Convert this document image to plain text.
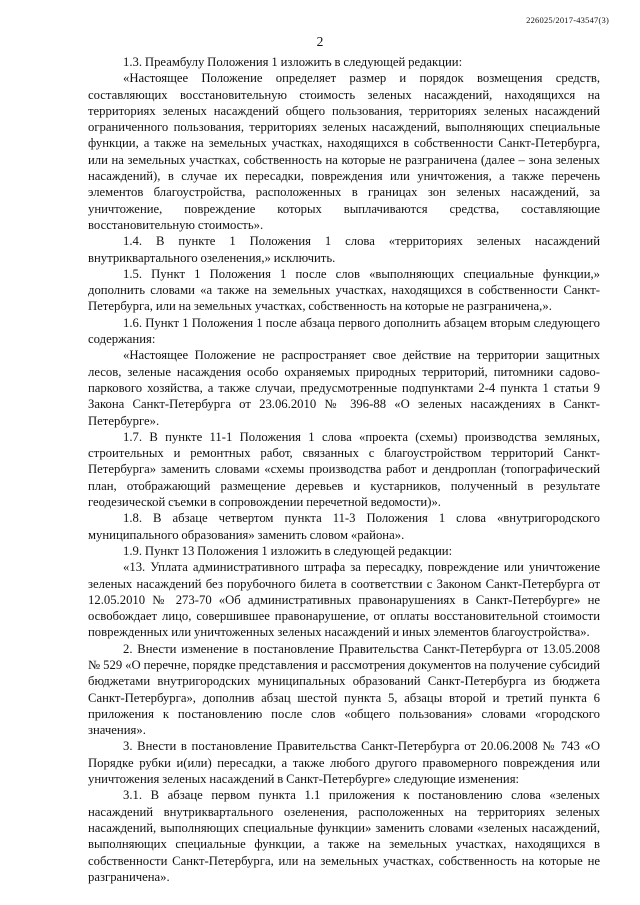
226025/2017-43547(3)
2

1.3. Преамбулу Положения 1 изложить в следующей редакции:

«Настоящее Положение определяет размер и порядок возмещения средств, составляющих восстановительную стоимость зеленых насаждений, находящихся на территориях зеленых насаждений общего пользования, территориях зеленых насаждений ограниченного пользования, территориях зеленых насаждений, выполняющих специальные функции, а также на земельных участках, находящихся в собственности Санкт-Петербурга, или на земельных участках, собственность на которые не разграничена (далее – зона зеленых насаждений), в случае их пересадки, повреждения или уничтожения, а также перечень элементов благоустройства, расположенных в границах зон зеленых насаждений, за уничтожение, повреждение которых выплачиваются средства, составляющие восстановительную стоимость».

1.4. В пункте 1 Положения 1 слова «территориях зеленых насаждений внутриквартального озеленения,» исключить.

1.5. Пункт 1 Положения 1 после слов «выполняющих специальные функции,» дополнить словами «а также на земельных участках, находящихся в собственности Санкт-Петербурга, или на земельных участках, собственность на которые не разграничена,».

1.6. Пункт 1 Положения 1 после абзаца первого дополнить абзацем вторым следующего содержания:

«Настоящее Положение не распространяет свое действие на территории защитных лесов, зеленые насаждения особо охраняемых природных территорий, питомники садово-паркового хозяйства, а также случаи, предусмотренные подпунктами 2-4 пункта 1 статьи 9 Закона Санкт-Петербурга от 23.06.2010 № 396-88 «О зеленых насаждениях в Санкт-Петербурге».

1.7. В пункте 11-1 Положения 1 слова «проекта (схемы) производства земляных, строительных и ремонтных работ, связанных с благоустройством территорий Санкт-Петербурга» заменить словами «схемы производства работ и дендроплан (топографический план, отображающий размещение деревьев и кустарников, полученный в результате геодезической съемки в сопровождении перечетной ведомости)».

1.8. В абзаце четвертом пункта 11-3 Положения 1 слова «внутригородского муниципального образования» заменить словом «района».

1.9. Пункт 13 Положения 1 изложить в следующей редакции:

«13. Уплата административного штрафа за пересадку, повреждение или уничтожение зеленых насаждений без порубочного билета в соответствии с Законом Санкт-Петербурга от 12.05.2010 № 273-70 «Об административных правонарушениях в Санкт-Петербурге» не освобождает лицо, совершившее правонарушение, от оплаты восстановительной стоимости поврежденных или уничтоженных зеленых насаждений и иных элементов благоустройства».

2. Внести изменение в постановление Правительства Санкт-Петербурга от 13.05.2008 № 529 «О перечне, порядке представления и рассмотрения документов на получение субсидий бюджетами внутригородских муниципальных образований Санкт-Петербурга из бюджета Санкт-Петербурга», дополнив абзац шестой пункта 5, абзацы второй и третий пункта 6 приложения к постановлению после слов «общего пользования» словами «городского значения».

3. Внести в постановление Правительства Санкт-Петербурга от 20.06.2008 № 743 «О Порядке рубки и(или) пересадки, а также любого другого правомерного повреждения или уничтожения зеленых насаждений в Санкт-Петербурге» следующие изменения:

3.1. В абзаце первом пункта 1.1 приложения к постановлению слова «зеленых насаждений внутриквартального озеленения, расположенных на территориях зеленых насаждений, выполняющих специальные функции» заменить словами «зеленых насаждений, выполняющих специальные функции, а также на земельных участках, находящихся в собственности Санкт-Петербурга, или на земельных участках, собственность на которые не разграничена».
